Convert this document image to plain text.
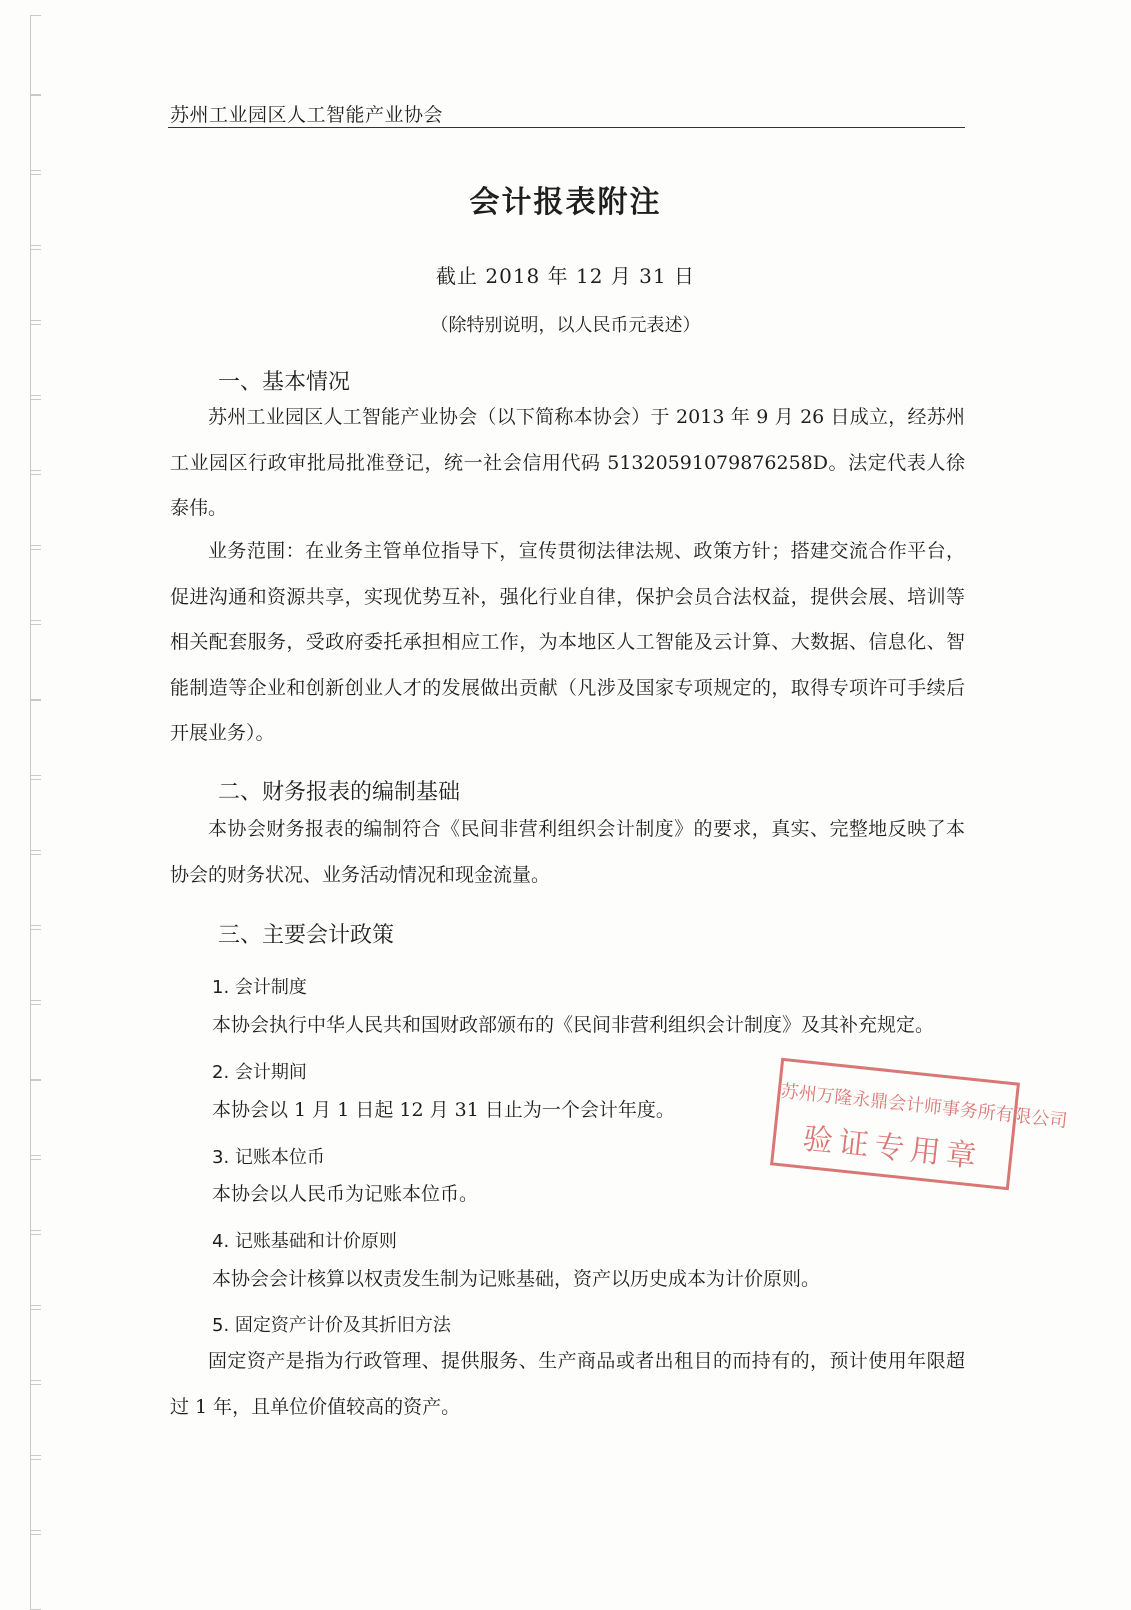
苏州工业园区人工智能产业协会
会计报表附注
截止 2018 年 12 月 31 日
（除特别说明，以人民币元表述）
一、基本情况
苏州工业园区人工智能产业协会（以下简称本协会）于 2013 年 9 月 26 日成立，经苏州工业园区行政审批局批准登记，统一社会信用代码 51320591079876258D。法定代表人徐泰伟。
业务范围：在业务主管单位指导下，宣传贯彻法律法规、政策方针；搭建交流合作平台，促进沟通和资源共享，实现优势互补，强化行业自律，保护会员合法权益，提供会展、培训等相关配套服务，受政府委托承担相应工作，为本地区人工智能及云计算、大数据、信息化、智能制造等企业和创新创业人才的发展做出贡献（凡涉及国家专项规定的，取得专项许可手续后开展业务）。
二、财务报表的编制基础
本协会财务报表的编制符合《民间非营利组织会计制度》的要求，真实、完整地反映了本协会的财务状况、业务活动情况和现金流量。
三、主要会计政策
1. 会计制度
本协会执行中华人民共和国财政部颁布的《民间非营利组织会计制度》及其补充规定。
2. 会计期间
本协会以 1 月 1 日起 12 月 31 日止为一个会计年度。
3. 记账本位币
本协会以人民币为记账本位币。
4. 记账基础和计价原则
本协会会计核算以权责发生制为记账基础，资产以历史成本为计价原则。
5. 固定资产计价及其折旧方法
固定资产是指为行政管理、提供服务、生产商品或者出租目的而持有的，预计使用年限超过 1 年，且单位价值较高的资产。
苏州万隆永鼎会计师事务所有限公司
验证专用章
